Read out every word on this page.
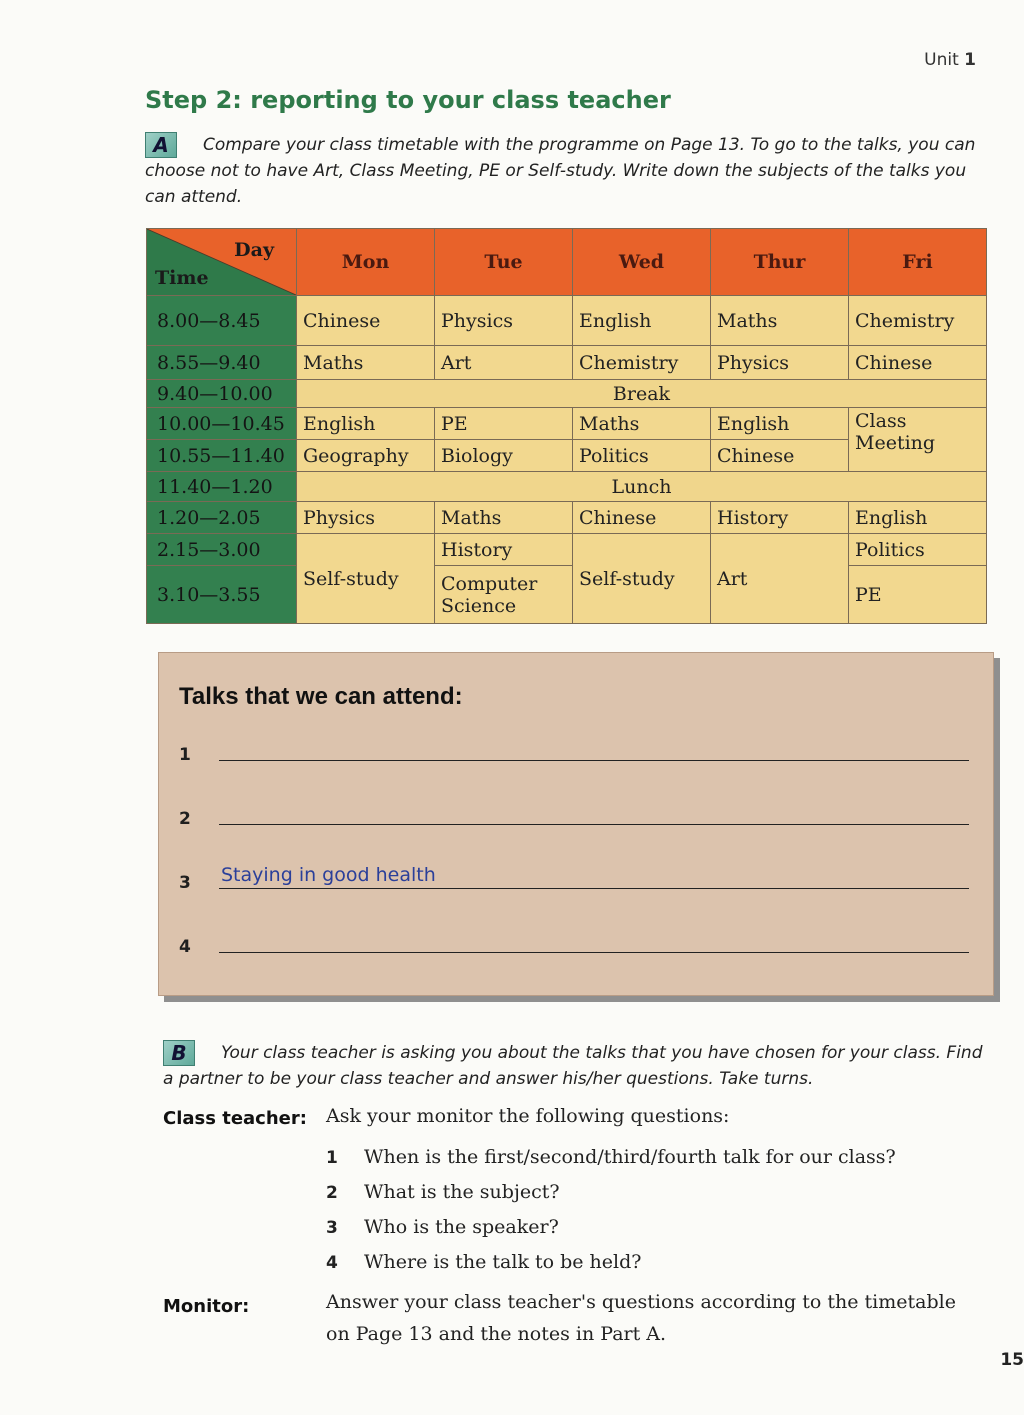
Unit 1
Step 2: reporting to your class teacher
A Compare your class timetable with the programme on Page 13. To go to the talks, you can choose not to have Art, Class Meeting, PE or Self-study. Write down the subjects of the talks you can attend.
Day
Time	Mon	Tue	Wed	Thur	Fri
8.00—8.45	Chinese	Physics	English	Maths	Chemistry
8.55—9.40	Maths	Art	Chemistry	Physics	Chinese
9.40—10.00	Break				
10.00—10.45	English	PE	Maths	English	Class Meeting
10.55—11.40	Geography	Biology	Politics	Chinese	
11.40—1.20	Lunch				
1.20—2.05	Physics	Maths	Chinese	History	English
2.15—3.00	Self-study	History	Self-study	Art	Politics
3.10—3.55		Computer Science			PE
Talks that we can attend:
1
2
3 Staying in good health
4
B Your class teacher is asking you about the talks that you have chosen for your class. Find a partner to be your class teacher and answer his/her questions. Take turns.
Class teacher: Ask your monitor the following questions:
1 When is the first/second/third/fourth talk for our class?
2 What is the subject?
3 Who is the speaker?
4 Where is the talk to be held?
Monitor:	Answer your class teacher's questions according to the timetable on Page 13 and the notes in Part A.
15
